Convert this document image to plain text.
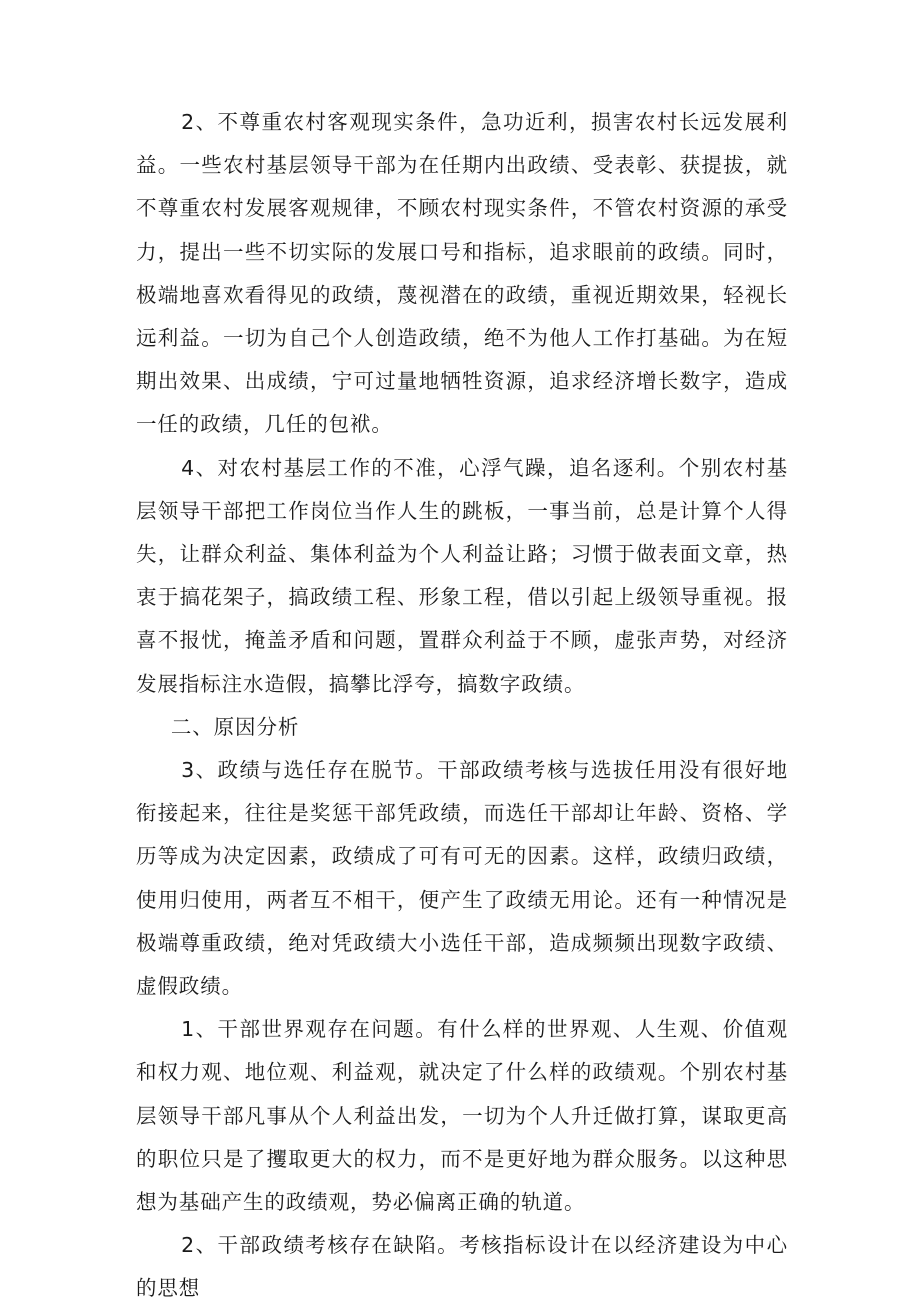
2、不尊重农村客观现实条件，急功近利，损害农村长远发展利益。一些农村基层领导干部为在任期内出政绩、受表彰、获提拔，就不尊重农村发展客观规律，不顾农村现实条件，不管农村资源的承受力，提出一些不切实际的发展口号和指标，追求眼前的政绩。同时，极端地喜欢看得见的政绩，蔑视潜在的政绩，重视近期效果，轻视长远利益。一切为自己个人创造政绩，绝不为他人工作打基础。为在短期出效果、出成绩，宁可过量地牺牲资源，追求经济增长数字，造成一任的政绩，几任的包袱。

4、对农村基层工作的不准，心浮气躁，追名逐利。个别农村基层领导干部把工作岗位当作人生的跳板，一事当前，总是计算个人得失，让群众利益、集体利益为个人利益让路；习惯于做表面文章，热衷于搞花架子，搞政绩工程、形象工程，借以引起上级领导重视。报喜不报忧，掩盖矛盾和问题，置群众利益于不顾，虚张声势，对经济发展指标注水造假，搞攀比浮夸，搞数字政绩。

二、原因分析

3、政绩与选任存在脱节。干部政绩考核与选拔任用没有很好地衔接起来，往往是奖惩干部凭政绩，而选任干部却让年龄、资格、学历等成为决定因素，政绩成了可有可无的因素。这样，政绩归政绩，使用归使用，两者互不相干，便产生了政绩无用论。还有一种情况是极端尊重政绩，绝对凭政绩大小选任干部，造成频频出现数字政绩、虚假政绩。

1、干部世界观存在问题。有什么样的世界观、人生观、价值观和权力观、地位观、利益观，就决定了什么样的政绩观。个别农村基层领导干部凡事从个人利益出发，一切为个人升迁做打算，谋取更高的职位只是了攫取更大的权力，而不是更好地为群众服务。以这种思想为基础产生的政绩观，势必偏离正确的轨道。

2、干部政绩考核存在缺陷。考核指标设计在以经济建设为中心的思想
